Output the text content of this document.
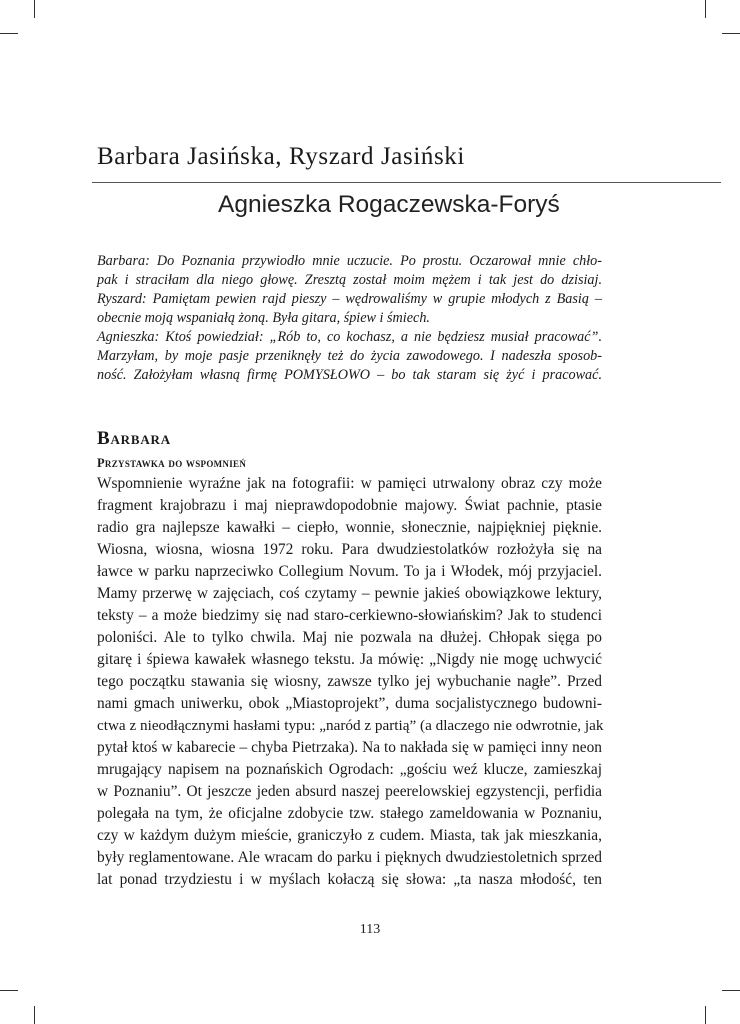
Barbara Jasińska, Ryszard Jasiński
Agnieszka Rogaczewska-Foryś
Barbara: Do Poznania przywiodło mnie uczucie. Po prostu. Oczarował mnie chło-
pak i straciłam dla niego głowę. Zresztą został moim mężem i tak jest do dzisiaj.
Ryszard: Pamiętam pewien rajd pieszy – wędrowaliśmy w grupie młodych z Basią –
obecnie moją wspaniałą żoną. Była gitara, śpiew i śmiech.
Agnieszka: Ktoś powiedział: „Rób to, co kochasz, a nie będziesz musiał pracować”.
Marzyłam, by moje pasje przeniknęły też do życia zawodowego. I nadeszła sposob-
ność. Założyłam własną firmę POMYSŁOWO – bo tak staram się żyć i pracować.
Barbara
Przystawka do wspomnień
Wspomnienie wyraźne jak na fotografii: w pamięci utrwalony obraz czy może
fragment krajobrazu i maj nieprawdopodobnie majowy. Świat pachnie, ptasie
radio gra najlepsze kawałki – ciepło, wonnie, słonecznie, najpiękniej pięknie.
Wiosna, wiosna, wiosna 1972 roku. Para dwudziestolatków rozłożyła się na
ławce w parku naprzeciwko Collegium Novum. To ja i Włodek, mój przyjaciel.
Mamy przerwę w zajęciach, coś czytamy – pewnie jakieś obowiązkowe lektury,
teksty – a może biedzimy się nad staro-cerkiewno-słowiańskim? Jak to studenci
poloniści. Ale to tylko chwila. Maj nie pozwala na dłużej. Chłopak sięga po
gitarę i śpiewa kawałek własnego tekstu. Ja mówię: „Nigdy nie mogę uchwycić
tego początku stawania się wiosny, zawsze tylko jej wybuchanie nagłe”. Przed
nami gmach uniwerku, obok „Miastoprojekt”, duma socjalistycznego budowni-
ctwa z nieodłącznymi hasłami typu: „naród z partią” (a dlaczego nie odwrotnie, jak
pytał ktoś w kabarecie – chyba Pietrzaka). Na to nakłada się w pamięci inny neon
mrugający napisem na poznańskich Ogrodach: „gościu weź klucze, zamieszkaj
w Poznaniu”. Ot jeszcze jeden absurd naszej peerelowskiej egzystencji, perfidia
polegała na tym, że oficjalne zdobycie tzw. stałego zameldowania w Poznaniu,
czy w każdym dużym mieście, graniczyło z cudem. Miasta, tak jak mieszkania,
były reglamentowane. Ale wracam do parku i pięknych dwudziestoletnich sprzed
lat ponad trzydziestu i w myślach kołaczą się słowa: „ta nasza młodość, ten
113
